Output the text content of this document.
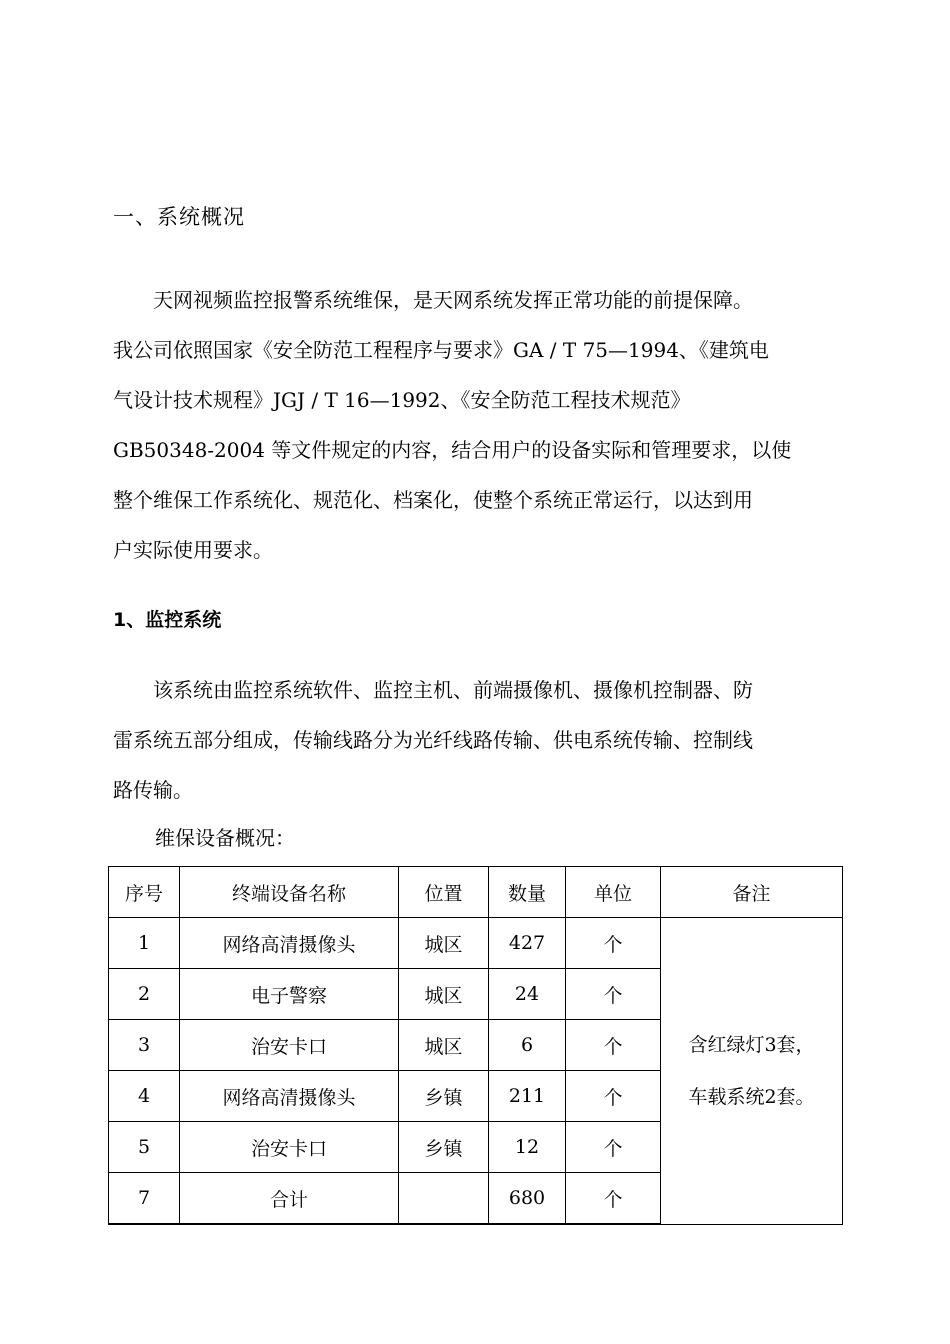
一、系统概况

　　天网视频监控报警系统维保，是天网系统发挥正常功能的前提保障。
我公司依照国家《安全防范工程程序与要求》GA / T 75—1994、《建筑电
气设计技术规程》JGJ / T 16—1992、《安全防范工程技术规范》
GB50348-2004 等文件规定的内容，结合用户的设备实际和管理要求，以使
整个维保工作系统化、规范化、档案化，使整个系统正常运行，以达到用
户实际使用要求。

1、监控系统

　　该系统由监控系统软件、监控主机、前端摄像机、摄像机控制器、防
雷系统五部分组成，传输线路分为光纤线路传输、供电系统传输、控制线
路传输。

维保设备概况：
序号	终端设备名称	位置	数量	单位	备注
1	网络高清摄像头	城区	427	个	含红绿灯3套，
车载系统2套。

2	电子警察	城区	24	个	
3	治安卡口	城区	6	个	
4	网络高清摄像头	乡镇	211	个	
5	治安卡口	乡镇	12	个	
7	合计		680	个	
